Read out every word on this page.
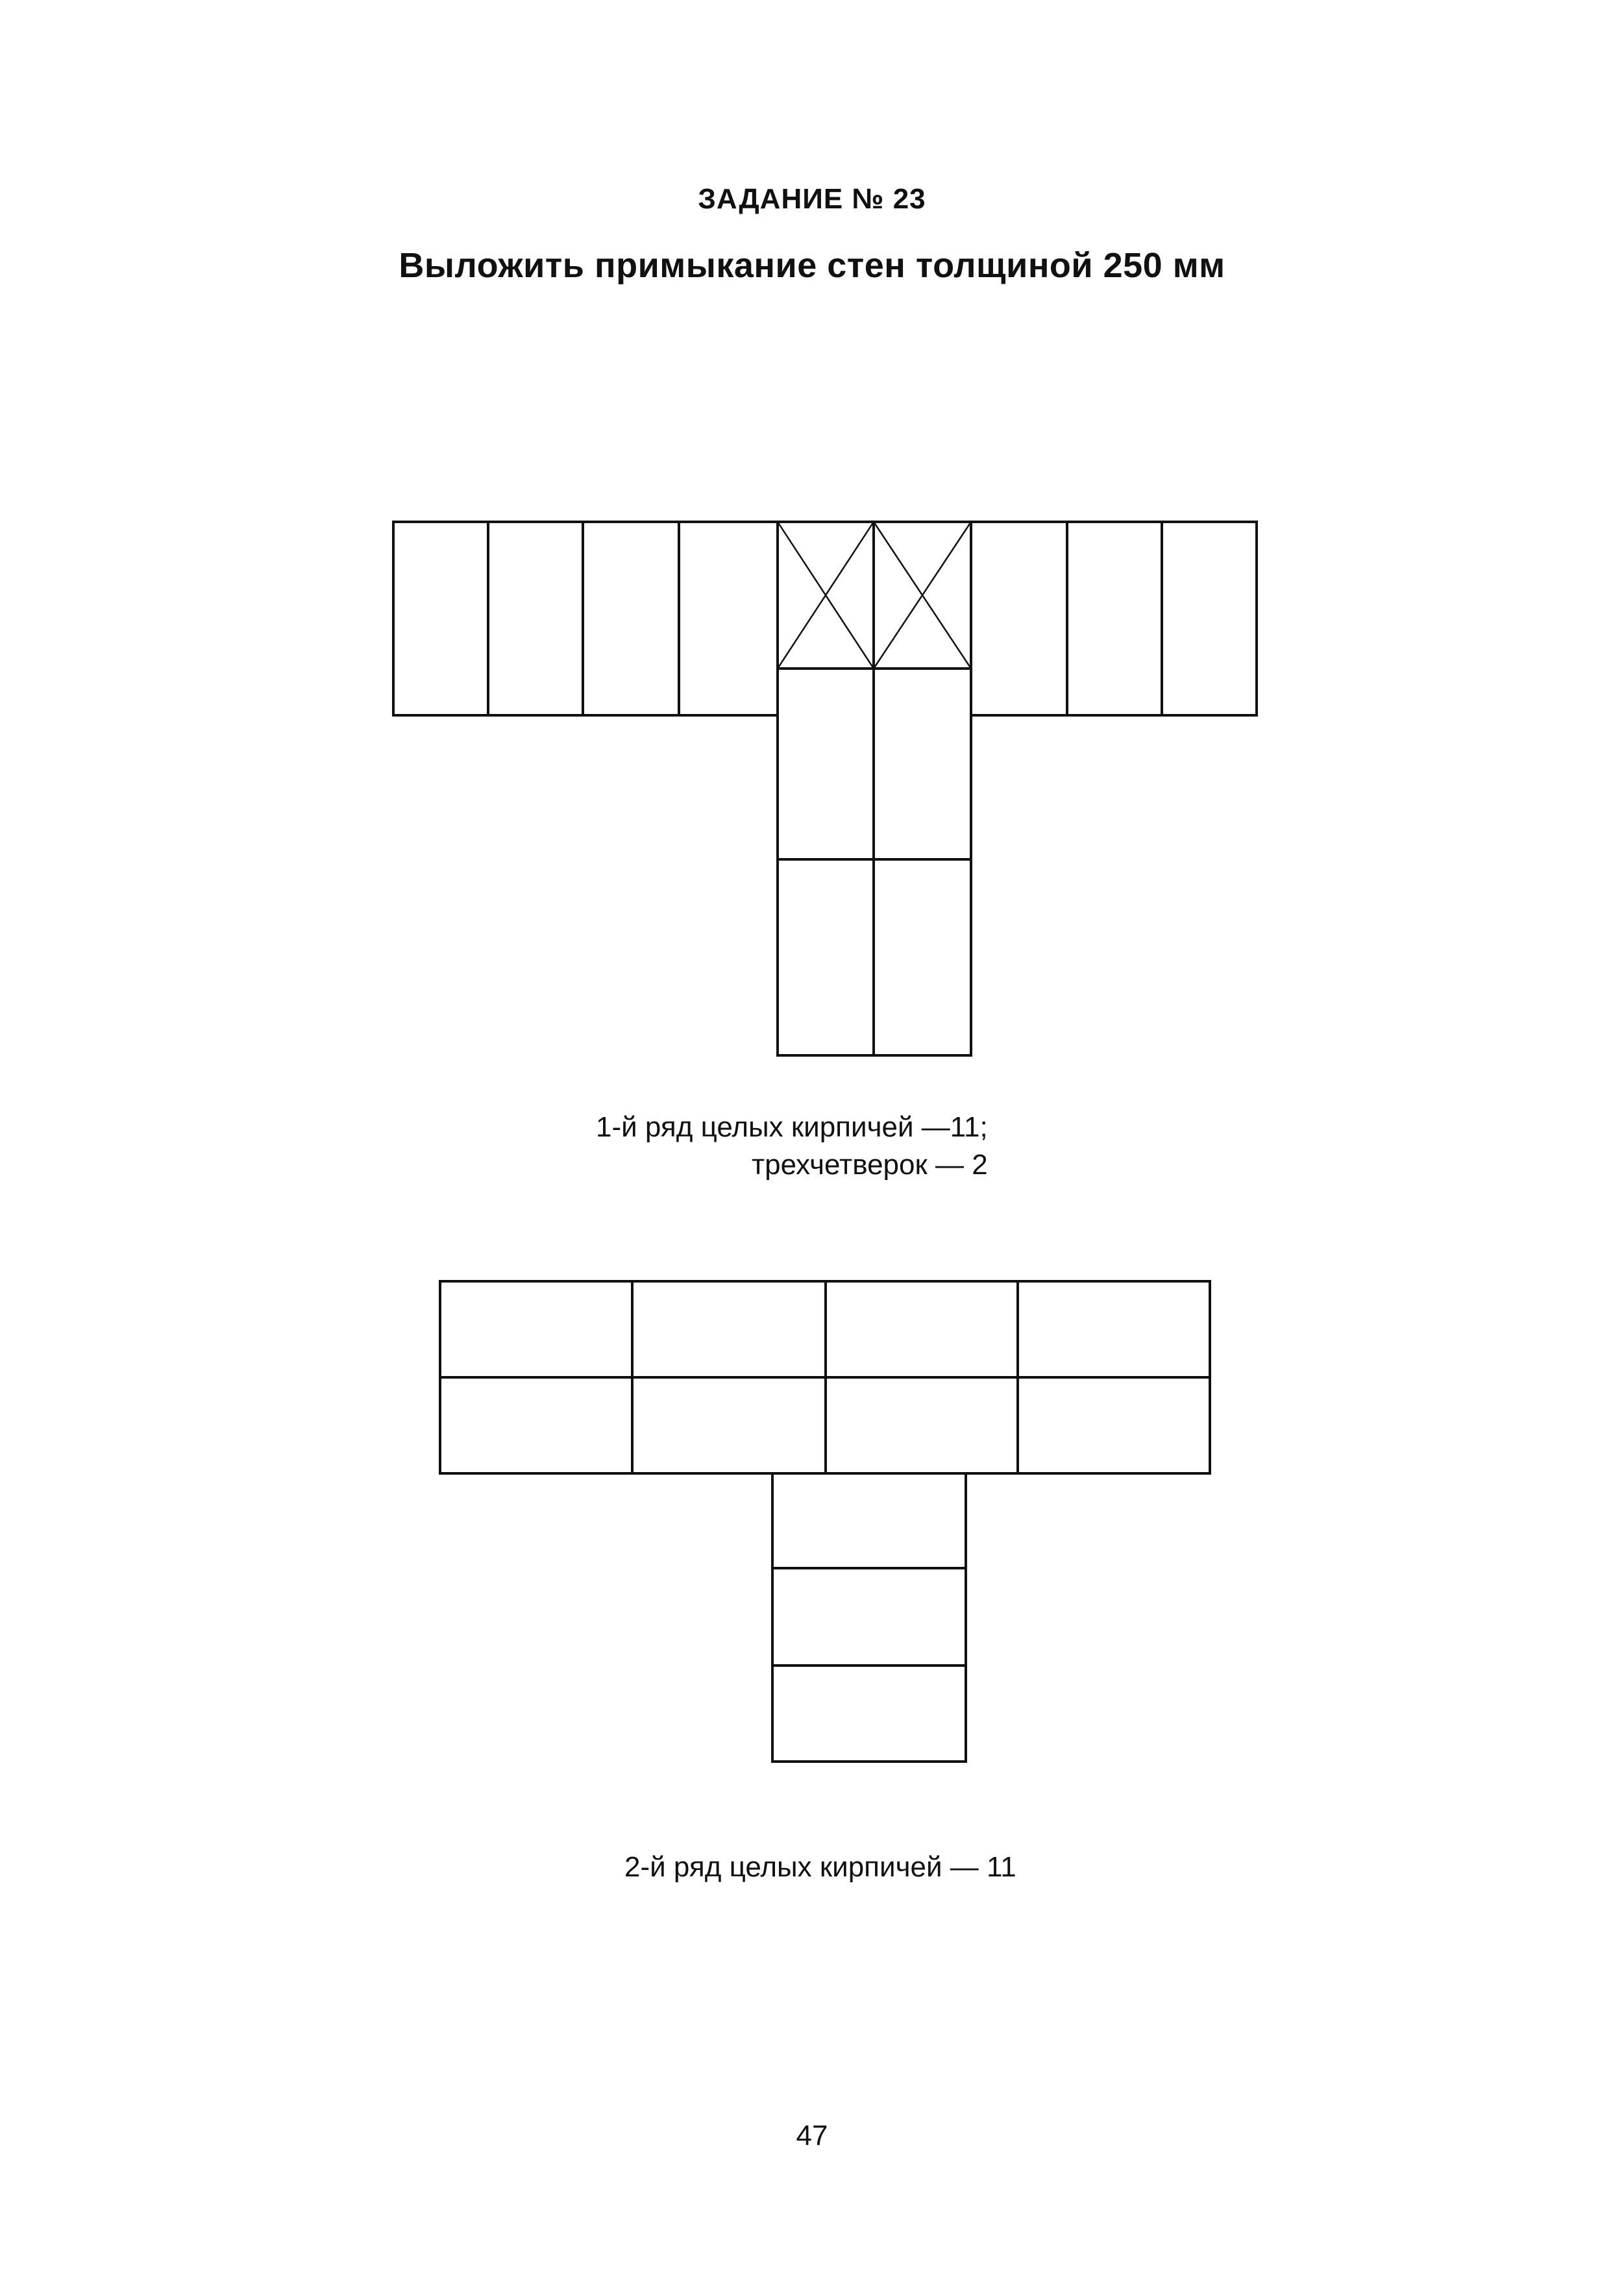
ЗАДАНИЕ № 23
Выложить примыкание стен толщиной 250 мм
1-й ряд целых кирпичей —11;
трехчетверок — 2
2-й ряд целых кирпичей — 11
47
